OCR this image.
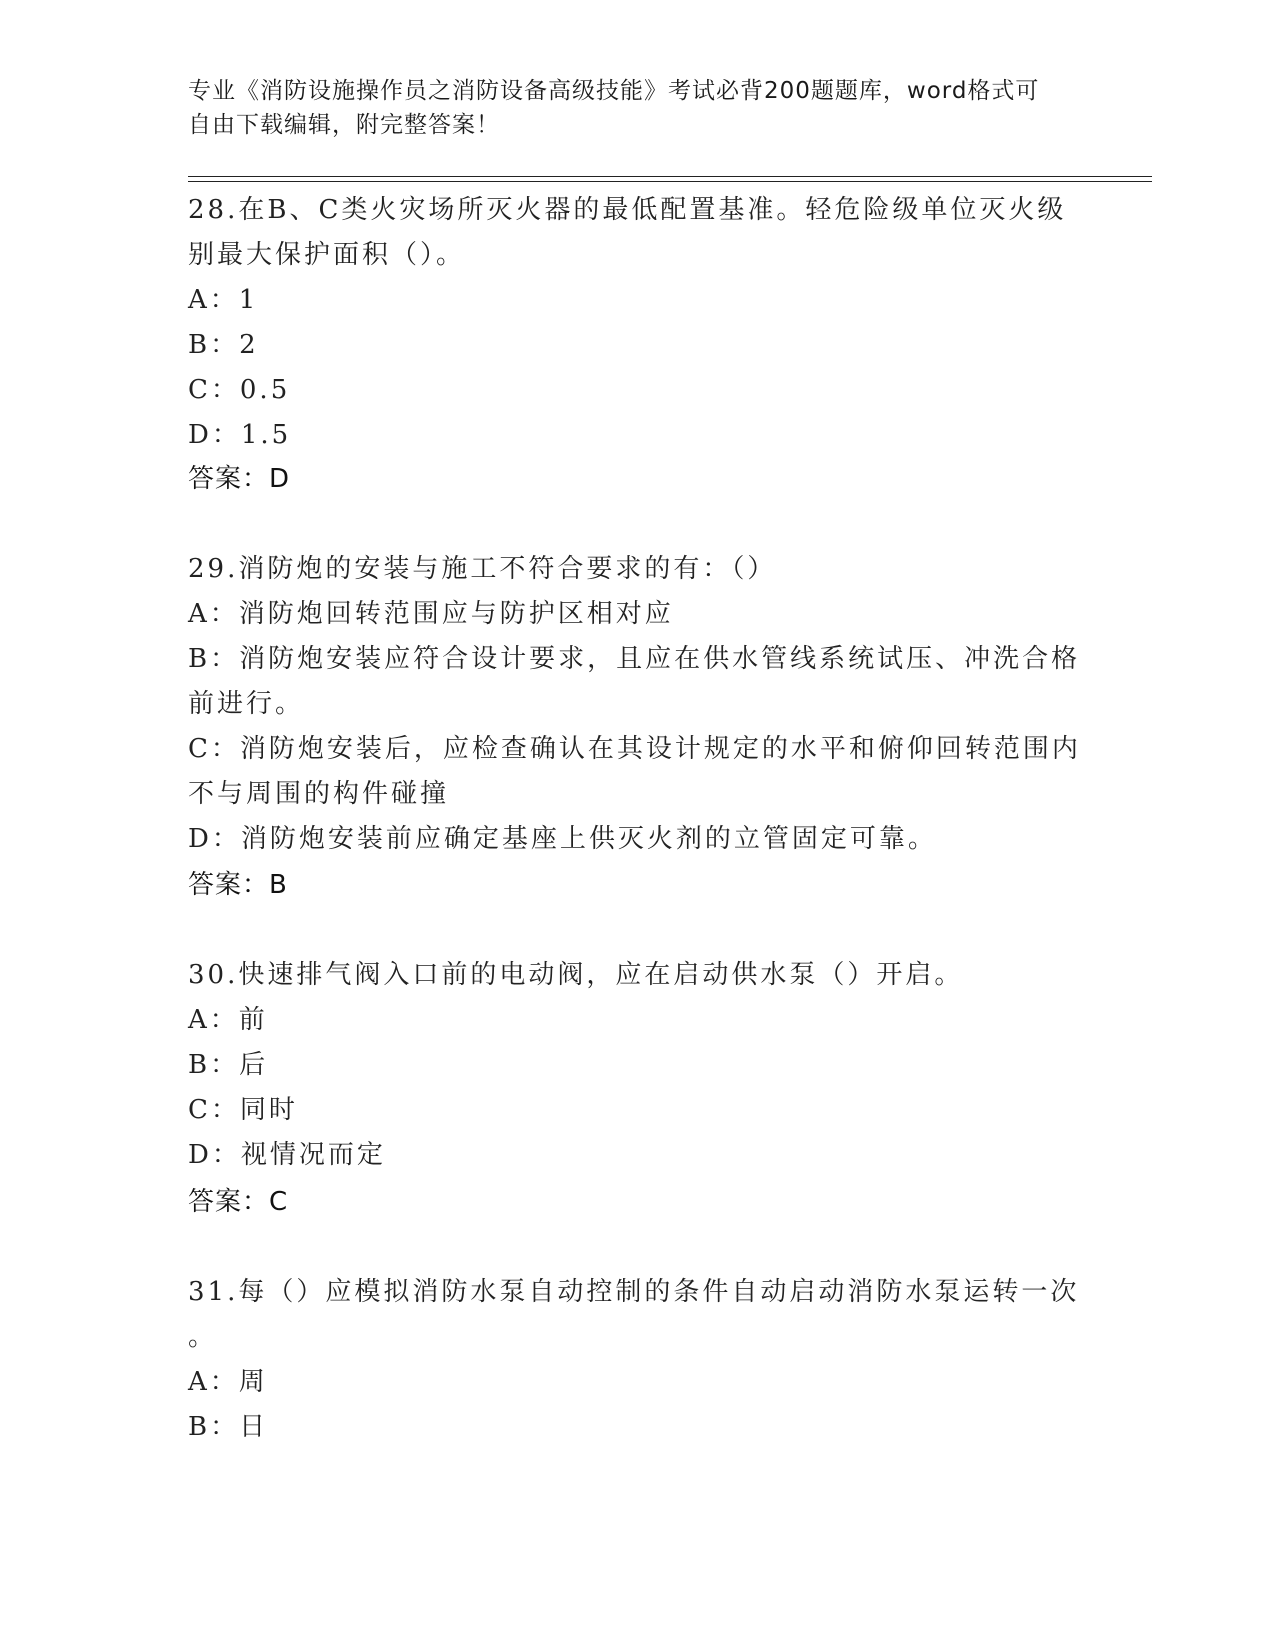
专业《消防设施操作员之消防设备高级技能》考试必背200题题库，word格式可
自由下载编辑，附完整答案！
28.在B、C类火灾场所灭火器的最低配置基准。轻危险级单位灭火级
别最大保护面积（）。
A：1
B：2
C：0.5
D：1.5
答案：D
29.消防炮的安装与施工不符合要求的有：（）
A：消防炮回转范围应与防护区相对应
B：消防炮安装应符合设计要求，且应在供水管线系统试压、冲洗合格
前进行。
C：消防炮安装后，应检查确认在其设计规定的水平和俯仰回转范围内
不与周围的构件碰撞
D：消防炮安装前应确定基座上供灭火剂的立管固定可靠。
答案：B
30.快速排气阀入口前的电动阀，应在启动供水泵（）开启。
A：前
B：后
C：同时
D：视情况而定
答案：C
31.每（）应模拟消防水泵自动控制的条件自动启动消防水泵运转一次
。
A：周
B：日
